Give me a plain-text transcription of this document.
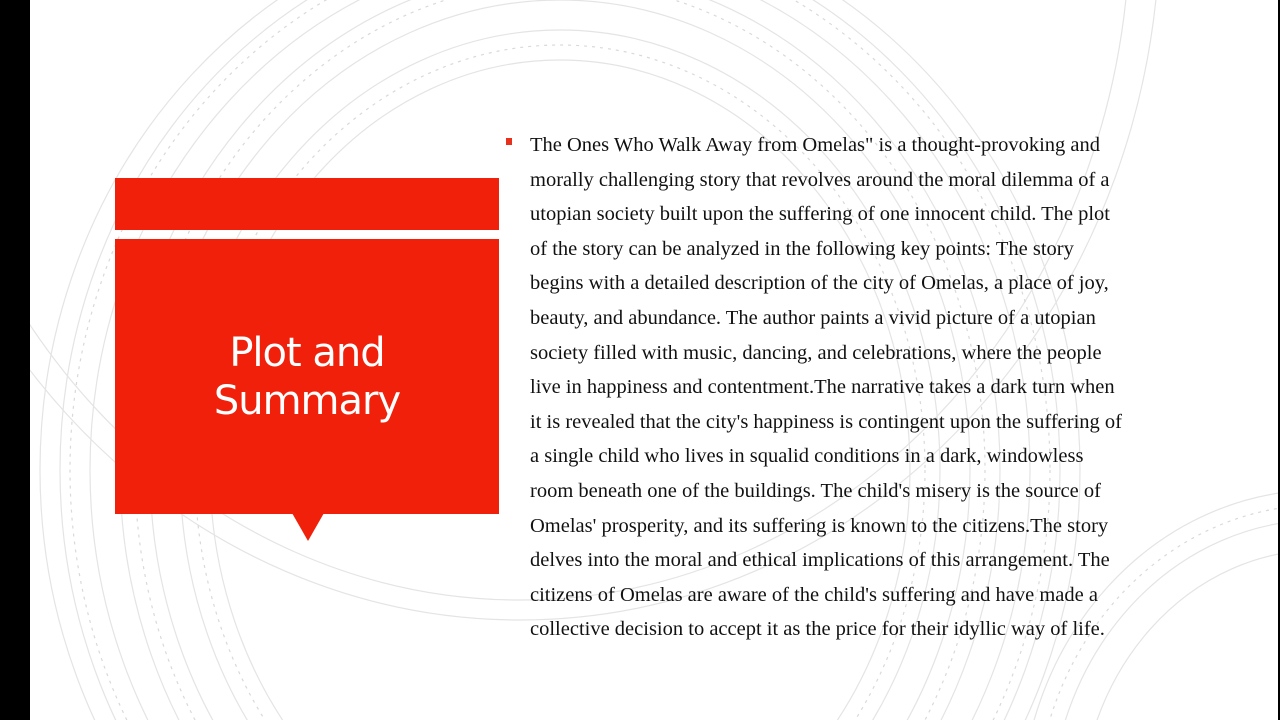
Plot and
Summary

The Ones Who Walk Away from Omelas" is a thought-provoking and
morally challenging story that revolves around the moral dilemma of a
utopian society built upon the suffering of one innocent child. The plot
of the story can be analyzed in the following key points: The story
begins with a detailed description of the city of Omelas, a place of joy,
beauty, and abundance. The author paints a vivid picture of a utopian
society filled with music, dancing, and celebrations, where the people
live in happiness and contentment.The narrative takes a dark turn when
it is revealed that the city's happiness is contingent upon the suffering of
a single child who lives in squalid conditions in a dark, windowless
room beneath one of the buildings. The child's misery is the source of
Omelas' prosperity, and its suffering is known to the citizens.The story
delves into the moral and ethical implications of this arrangement. The
citizens of Omelas are aware of the child's suffering and have made a
collective decision to accept it as the price for their idyllic way of life.
